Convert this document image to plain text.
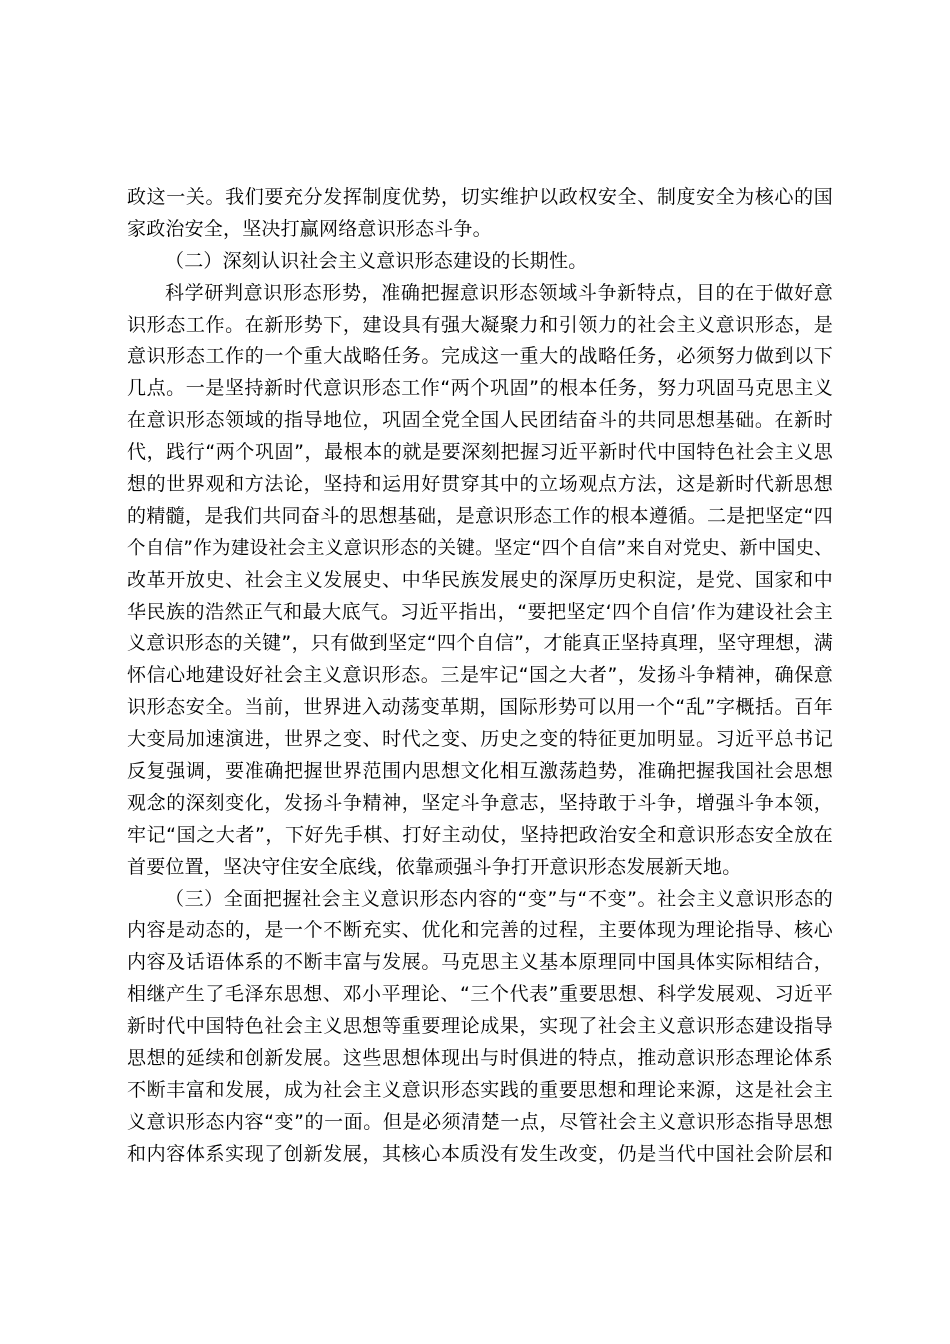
政这一关。我们要充分发挥制度优势，切实维护以政权安全、制度安全为核心的国
家政治安全，坚决打赢网络意识形态斗争。
（二）深刻认识社会主义意识形态建设的长期性。
科学研判意识形态形势，准确把握意识形态领域斗争新特点，目的在于做好意
识形态工作。在新形势下，建设具有强大凝聚力和引领力的社会主义意识形态，是
意识形态工作的一个重大战略任务。完成这一重大的战略任务，必须努力做到以下
几点。一是坚持新时代意识形态工作“两个巩固”的根本任务，努力巩固马克思主义
在意识形态领域的指导地位，巩固全党全国人民团结奋斗的共同思想基础。在新时
代，践行“两个巩固”，最根本的就是要深刻把握习近平新时代中国特色社会主义思
想的世界观和方法论，坚持和运用好贯穿其中的立场观点方法，这是新时代新思想
的精髓，是我们共同奋斗的思想基础，是意识形态工作的根本遵循。二是把坚定“四
个自信”作为建设社会主义意识形态的关键。坚定“四个自信”来自对党史、新中国史、
改革开放史、社会主义发展史、中华民族发展史的深厚历史积淀，是党、国家和中
华民族的浩然正气和最大底气。习近平指出，“要把坚定‘四个自信’作为建设社会主
义意识形态的关键”，只有做到坚定“四个自信”，才能真正坚持真理，坚守理想，满
怀信心地建设好社会主义意识形态。三是牢记“国之大者”，发扬斗争精神，确保意
识形态安全。当前，世界进入动荡变革期，国际形势可以用一个“乱”字概括。百年
大变局加速演进，世界之变、时代之变、历史之变的特征更加明显。习近平总书记
反复强调，要准确把握世界范围内思想文化相互激荡趋势，准确把握我国社会思想
观念的深刻变化，发扬斗争精神，坚定斗争意志，坚持敢于斗争，增强斗争本领，
牢记“国之大者”，下好先手棋、打好主动仗，坚持把政治安全和意识形态安全放在
首要位置，坚决守住安全底线，依靠顽强斗争打开意识形态发展新天地。
（三）全面把握社会主义意识形态内容的“变”与“不变”。社会主义意识形态的
内容是动态的，是一个不断充实、优化和完善的过程，主要体现为理论指导、核心
内容及话语体系的不断丰富与发展。马克思主义基本原理同中国具体实际相结合，
相继产生了毛泽东思想、邓小平理论、“三个代表”重要思想、科学发展观、习近平
新时代中国特色社会主义思想等重要理论成果，实现了社会主义意识形态建设指导
思想的延续和创新发展。这些思想体现出与时俱进的特点，推动意识形态理论体系
不断丰富和发展，成为社会主义意识形态实践的重要思想和理论来源，这是社会主
义意识形态内容“变”的一面。但是必须清楚一点，尽管社会主义意识形态指导思想
和内容体系实现了创新发展，其核心本质没有发生改变，仍是当代中国社会阶层和
